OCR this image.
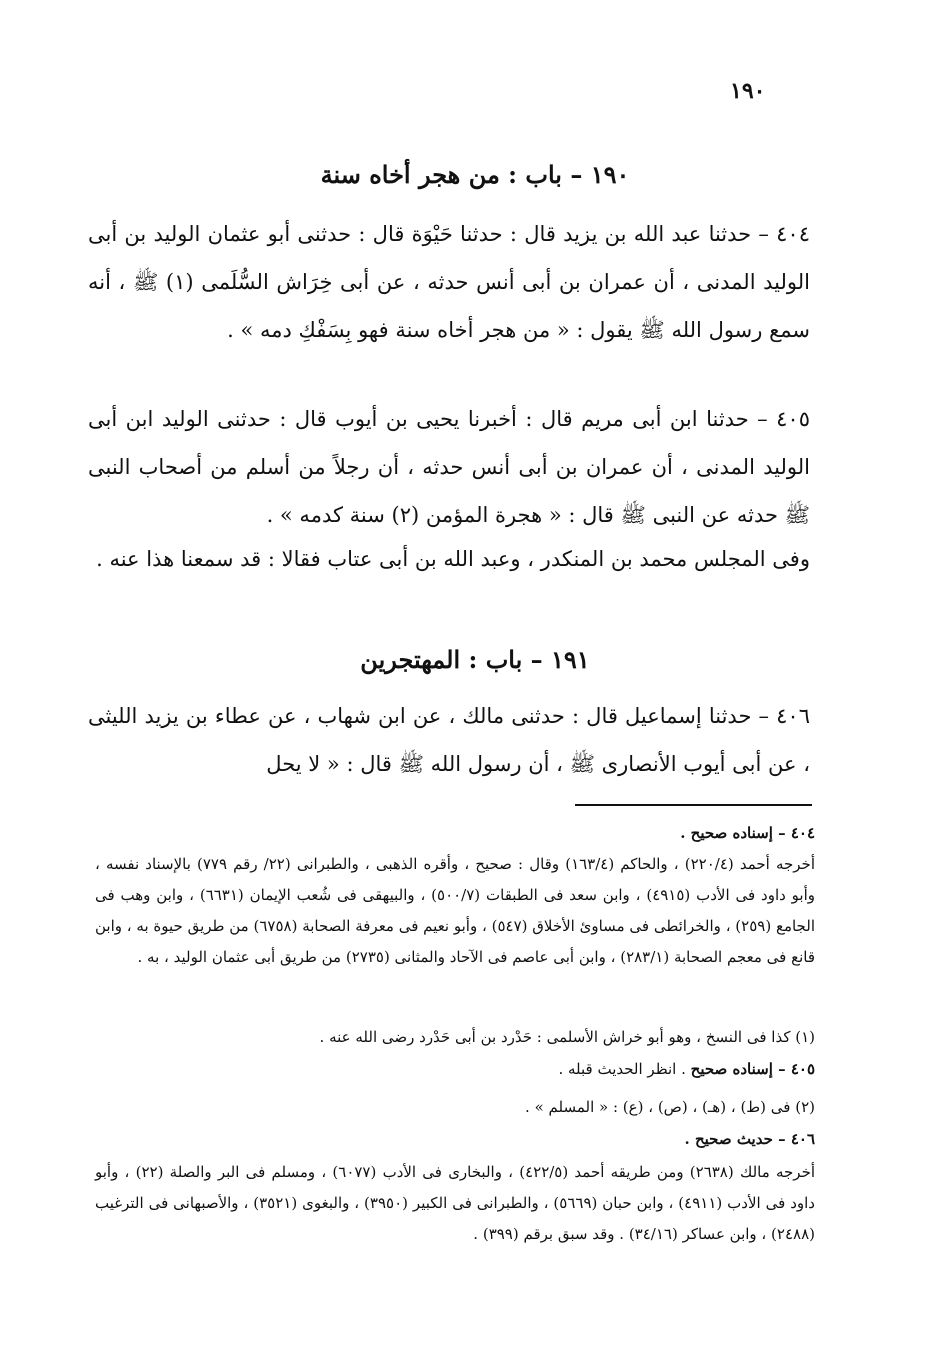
١٩٠
١٩٠ – باب : من هجر أخاه سنة

٤٠٤ – حدثنا عبد الله بن يزيد قال : حدثنا حَيْوَة قال : حدثنى أبو عثمان الوليد بن أبى الوليد المدنى ، أن عمران بن أبى أنس حدثه ، عن أبى خِرَاش السُّلَمى (١) ﷺ ، أنه سمع رسول الله ﷺ يقول : « من هجر أخاه سنة فهو بِسَفْكِ دمه » .

٤٠٥ – حدثنا ابن أبى مريم قال : أخبرنا يحيى بن أيوب قال : حدثنى الوليد ابن أبى الوليد المدنى ، أن عمران بن أبى أنس حدثه ، أن رجلاً من أسلم من أصحاب النبى ﷺ حدثه عن النبى ﷺ قال : « هجرة المؤمن (٢) سنة كدمه » .

وفى المجلس محمد بن المنكدر ، وعبد الله بن أبى عتاب فقالا : قد سمعنا هذا عنه .

١٩١ – باب : المهتجرين

٤٠٦ – حدثنا إسماعيل قال : حدثنى مالك ، عن ابن شهاب ، عن عطاء بن يزيد الليثى ، عن أبى أيوب الأنصارى ﷺ ، أن رسول الله ﷺ قال : « لا يحل

٤٠٤ – إسناده صحيح .

أخرجه أحمد (٢٢٠/٤) ، والحاكم (١٦٣/٤) وقال : صحيح ، وأقره الذهبى ، والطبرانى (٢٢/ رقم ٧٧٩) بالإسناد نفسه ، وأبو داود فى الأدب (٤٩١٥) ، وابن سعد فى الطبقات (٥٠٠/٧) ، والبيهقى فى شُعب الإيمان (٦٦٣١) ، وابن وهب فى الجامع (٢٥٩) ، والخرائطى فى مساوئ الأخلاق (٥٤٧) ، وأبو نعيم فى معرفة الصحابة (٦٧٥٨) من طريق حيوة به ، وابن قانع فى معجم الصحابة (٢٨٣/١) ، وابن أبى عاصم فى الآحاد والمثانى (٢٧٣٥) من طريق أبى عثمان الوليد ، به .

(١) كذا فى النسخ ، وهو أبو خراش الأسلمى : حَدْرد بن أبى حَدْرد رضى الله عنه .

٤٠٥ – إسناده صحيح . انظر الحديث قبله .

(٢) فى (ط) ، (هـ) ، (ص) ، (ع) : « المسلم » .

٤٠٦ – حديث صحيح .

أخرجه مالك (٢٦٣٨) ومن طريقه أحمد (٤٢٢/٥) ، والبخارى فى الأدب (٦٠٧٧) ، ومسلم فى البر والصلة (٢٢) ، وأبو داود فى الأدب (٤٩١١) ، وابن حبان (٥٦٦٩) ، والطبرانى فى الكبير (٣٩٥٠) ، والبغوى (٣٥٢١) ، والأصبهانى فى الترغيب (٢٤٨٨) ، وابن عساكر (٣٤/١٦) . وقد سبق برقم (٣٩٩) .
